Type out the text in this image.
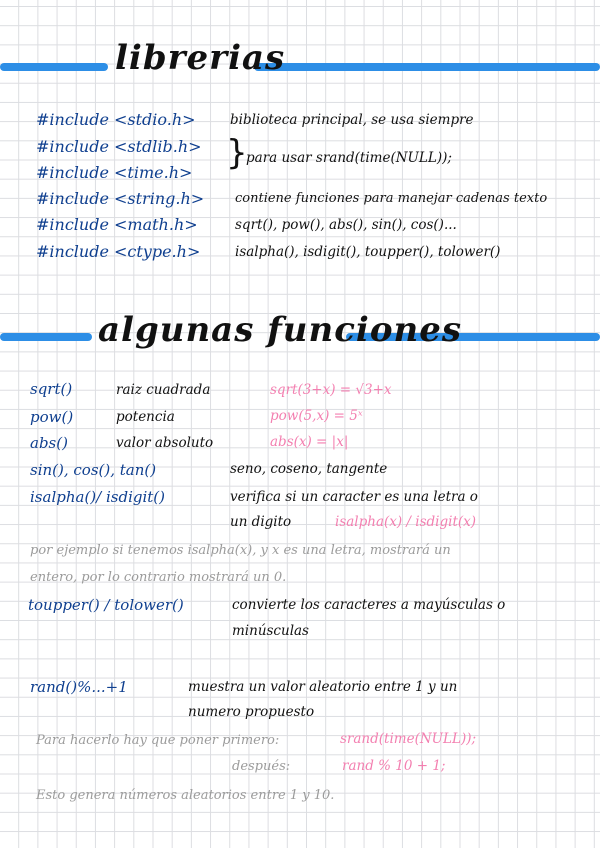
librerias
#include <stdio.h>	biblioteca principal, se usa siempre
#include <stdlib.h>
#include <time.h> }
para usar srand(time(NULL));
#include <string.h> contiene funciones para manejar cadenas texto
#include <math.h>	sqrt(), pow(), abs(), sin(), cos()...
#include <ctype.h>	isalpha(), isdigit(), toupper(), tolower()
algunas funciones
sqrt()	raiz cuadrada	sqrt(3+x) = √3+x
pow()	potencia	pow(5,x) = 5ˣ
abs()	valor absoluto	abs(x) = |x|
sin(), cos(), tan()	seno, coseno, tangente
isalpha()/ isdigit()	verifica si un caracter es una letra o
un digito	isalpha(x) / isdigit(x)
por ejemplo si tenemos isalpha(x), y x es una letra, mostrará un
entero, por lo contrario mostrará un 0.
toupper() / tolower()	convierte los caracteres a mayúsculas o
minúsculas
rand()%...+1	muestra un valor aleatorio entre 1 y un
numero propuesto
Para hacerlo hay que poner primero:	srand(time(NULL));
después:	rand % 10 + 1;
Esto genera números aleatorios entre 1 y 10.
